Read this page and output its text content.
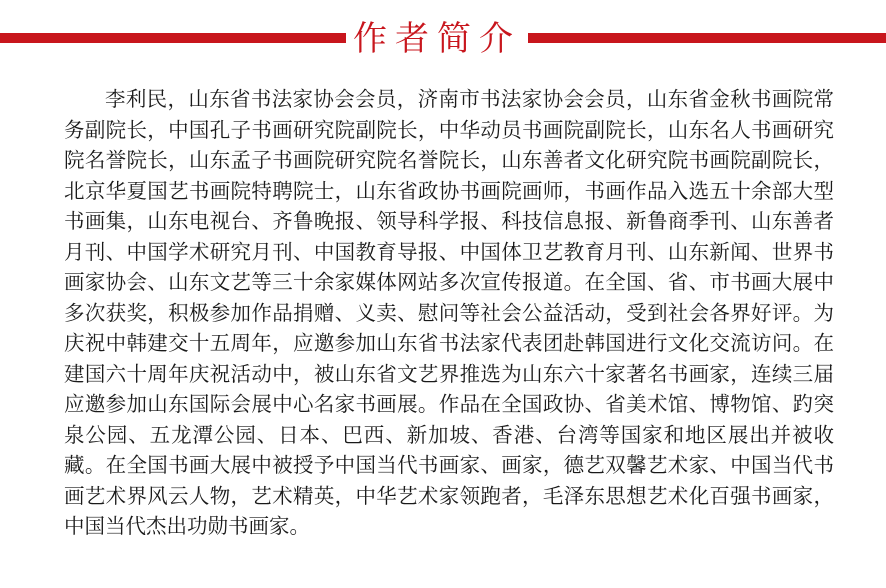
作者简介

李利民，山东省书法家协会会员，济南市书法家协会会员，山东省金秋书画院常务副院长，中国孔子书画研究院副院长，中华动员书画院副院长，山东名人书画研究院名誉院长，山东孟子书画院研究院名誉院长，山东善者文化研究院书画院副院长，北京华夏国艺书画院特聘院士，山东省政协书画院画师，书画作品入选五十余部大型书画集，山东电视台、齐鲁晚报、领导科学报、科技信息报、新鲁商季刊、山东善者月刊、中国学术研究月刊、中国教育导报、中国体卫艺教育月刊、山东新闻、世界书画家协会、山东文艺等三十余家媒体网站多次宣传报道。在全国、省、市书画大展中多次获奖，积极参加作品捐赠、义卖、慰问等社会公益活动，受到社会各界好评。为庆祝中韩建交十五周年，应邀参加山东省书法家代表团赴韩国进行文化交流访问。在建国六十周年庆祝活动中，被山东省文艺界推选为山东六十家著名书画家，连续三届应邀参加山东国际会展中心名家书画展。作品在全国政协、省美术馆、博物馆、趵突泉公园、五龙潭公园、日本、巴西、新加坡、香港、台湾等国家和地区展出并被收藏。在全国书画大展中被授予中国当代书画家、画家，德艺双馨艺术家、中国当代书画艺术界风云人物，艺术精英，中华艺术家领跑者，毛泽东思想艺术化百强书画家，中国当代杰出功勋书画家。
